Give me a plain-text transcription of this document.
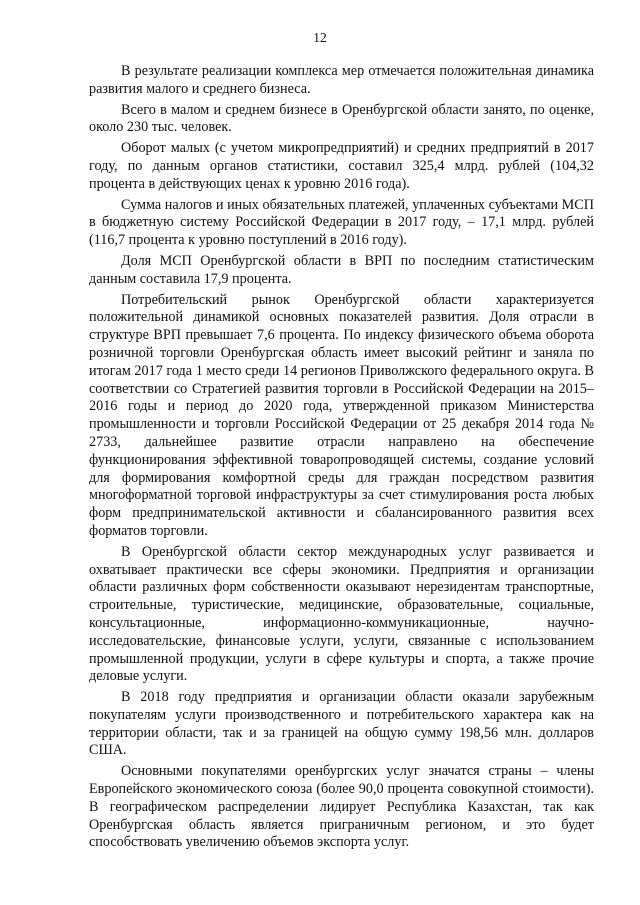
12

В результате реализации комплекса мер отмечается положительная динамика развития малого и среднего бизнеса.

Всего в малом и среднем бизнесе в Оренбургской области занято, по оценке, около 230 тыс. человек.

Оборот малых (с учетом микропредприятий) и средних предприятий в 2017 году, по данным органов статистики, составил 325,4 млрд. рублей (104,32 процента в действующих ценах к уровню 2016 года).

Сумма налогов и иных обязательных платежей, уплаченных субъектами МСП в бюджетную систему Российской Федерации в 2017 году, – 17,1 млрд. рублей (116,7 процента к уровню поступлений в 2016 году).

Доля МСП Оренбургской области в ВРП по последним статистическим данным составила 17,9 процента.

Потребительский рынок Оренбургской области характеризуется положительной динамикой основных показателей развития. Доля отрасли в структуре ВРП превышает 7,6 процента. По индексу физического объема оборота розничной торговли Оренбургская область имеет высокий рейтинг и заняла по итогам 2017 года 1 место среди 14 регионов Приволжского федерального округа. В соответствии со Стратегией развития торговли в Российской Федерации на 2015–2016 годы и период до 2020 года, утвержденной приказом Министерства промышленности и торговли Российской Федерации от 25 декабря 2014 года № 2733, дальнейшее развитие отрасли направлено на обеспечение функционирования эффективной товаропроводящей системы, создание условий для формирования комфортной среды для граждан посредством развития многоформатной торговой инфраструктуры за счет стимулирования роста любых форм предпринимательской активности и сбалансированного развития всех форматов торговли.

В Оренбургской области сектор международных услуг развивается и охватывает практически все сферы экономики. Предприятия и организации области различных форм собственности оказывают нерезидентам транспортные, строительные, туристические, медицинские, образовательные, социальные, консультационные, информационно-коммуникационные, научно-исследовательские, финансовые услуги, услуги, связанные с использованием промышленной продукции, услуги в сфере культуры и спорта, а также прочие деловые услуги.

В 2018 году предприятия и организации области оказали зарубежным покупателям услуги производственного и потребительского характера как на территории области, так и за границей на общую сумму 198,56 млн. долларов США.

Основными покупателями оренбургских услуг значатся страны – члены Европейского экономического союза (более 90,0 процента совокупной стоимости). В географическом распределении лидирует Республика Казахстан, так как Оренбургская область является приграничным регионом, и это будет способствовать увеличению объемов экспорта услуг.
